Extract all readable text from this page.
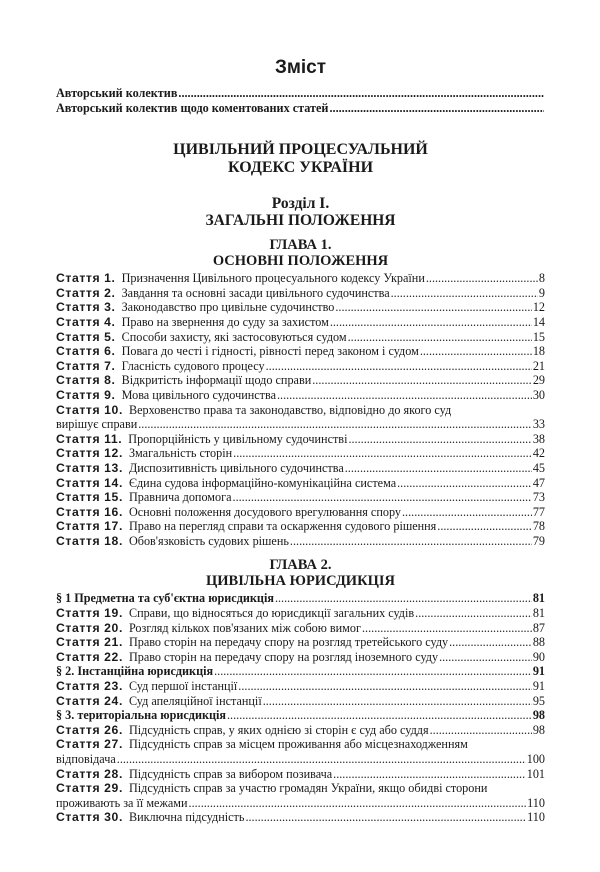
Зміст
Авторський колектив
.....
Авторський колектив щодо коментованих статей
.....
ЦИВІЛЬНИЙ ПРОЦЕСУАЛЬНИЙ
КОДЕКС УКРАЇНИ
Розділ І.
ЗАГАЛЬНІ ПОЛОЖЕННЯ
ГЛАВА 1.
ОСНОВНІ ПОЛОЖЕННЯ
Стаття 1. Призначення Цивільного процесуального кодексу України .....	8
Стаття 2. Завдання та основні засади цивільного судочинства .....	9
Стаття 3. Законодавство про цивільне судочинство .....	12
Стаття 4. Право на звернення до суду за захистом .....	14
Стаття 5. Способи захисту, які застосовуються судом .....	15
Стаття 6. Повага до честі і гідності, рівності перед законом і судом .....	18
Стаття 7. Гласність судового процесу .....	21
Стаття 8. Відкритість інформації щодо справи .....	29
Стаття 9. Мова цивільного судочинства .....	30
Стаття 10. Верховенство права та законодавство, відповідно до якого суд
вирішує справи .....	33
Стаття 11. Пропорційність у цивільному судочинстві .....	38
Стаття 12. Змагальність сторін .....	42
Стаття 13. Диспозитивність цивільного судочинства .....	45
Стаття 14. Єдина судова інформаційно-комунікаційна система .....	47
Стаття 15. Правнича допомога .....	73
Стаття 16. Основні положення досудового врегулювання спору .....	77
Стаття 17. Право на перегляд справи та оскарження судового рішення .....	78
Стаття 18. Обов'язковість судових рішень .....	79
ГЛАВА 2.
ЦИВІЛЬНА ЮРИСДИКЦІЯ
§ 1 Предметна та суб'єктна юрисдикція .....	81
Стаття 19. Справи, що відносяться до юрисдикції загальних судів .....	81
Стаття 20. Розгляд кількох пов'язаних між собою вимог .....	87
Стаття 21. Право сторін на передачу спору на розгляд третейського суду .....	88
Стаття 22. Право сторін на передачу спору на розгляд іноземного суду .....	90
§ 2. Інстанційна юрисдикція .....	91
Стаття 23. Суд першої інстанції .....	91
Стаття 24. Суд апеляційної інстанції .....	95
§ 3. територіальна юрисдикція .....	98
Стаття 26. Підсудність справ, у яких однією зі сторін є суд або суддя .....	98
Стаття 27. Підсудність справ за місцем проживання або місцезнаходженням
відповідача .....	100
Стаття 28. Підсудність справ за вибором позивача .....	101
Стаття 29. Підсудність справ за участю громадян України, якщо обидві сторони
проживають за її межами .....	110
Стаття 30. Виключна підсудність .....	110
